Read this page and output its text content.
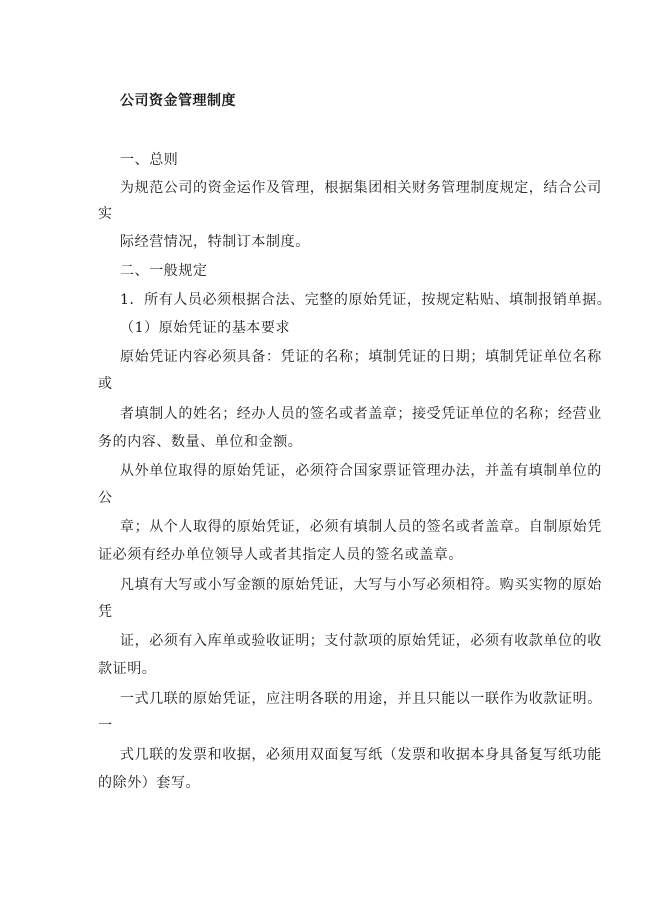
公司资金管理制度
一、总则
为规范公司的资金运作及管理，根据集团相关财务管理制度规定，结合公司
实
际经营情况，特制订本制度。
二、一般规定
1．所有人员必须根据合法、完整的原始凭证，按规定粘贴、填制报销单据。
（1）原始凭证的基本要求
原始凭证内容必须具备：凭证的名称；填制凭证的日期；填制凭证单位名称
或
者填制人的姓名；经办人员的签名或者盖章；接受凭证单位的名称；经营业
务的内容、数量、单位和金额。
从外单位取得的原始凭证，必须符合国家票证管理办法，并盖有填制单位的
公
章；从个人取得的原始凭证，必须有填制人员的签名或者盖章。自制原始凭
证必须有经办单位领导人或者其指定人员的签名或盖章。
凡填有大写或小写金额的原始凭证，大写与小写必须相符。购买实物的原始
凭
证，必须有入库单或验收证明；支付款项的原始凭证，必须有收款单位的收
款证明。
一式几联的原始凭证，应注明各联的用途，并且只能以一联作为收款证明。
一
式几联的发票和收据，必须用双面复写纸（发票和收据本身具备复写纸功能
的除外）套写。
